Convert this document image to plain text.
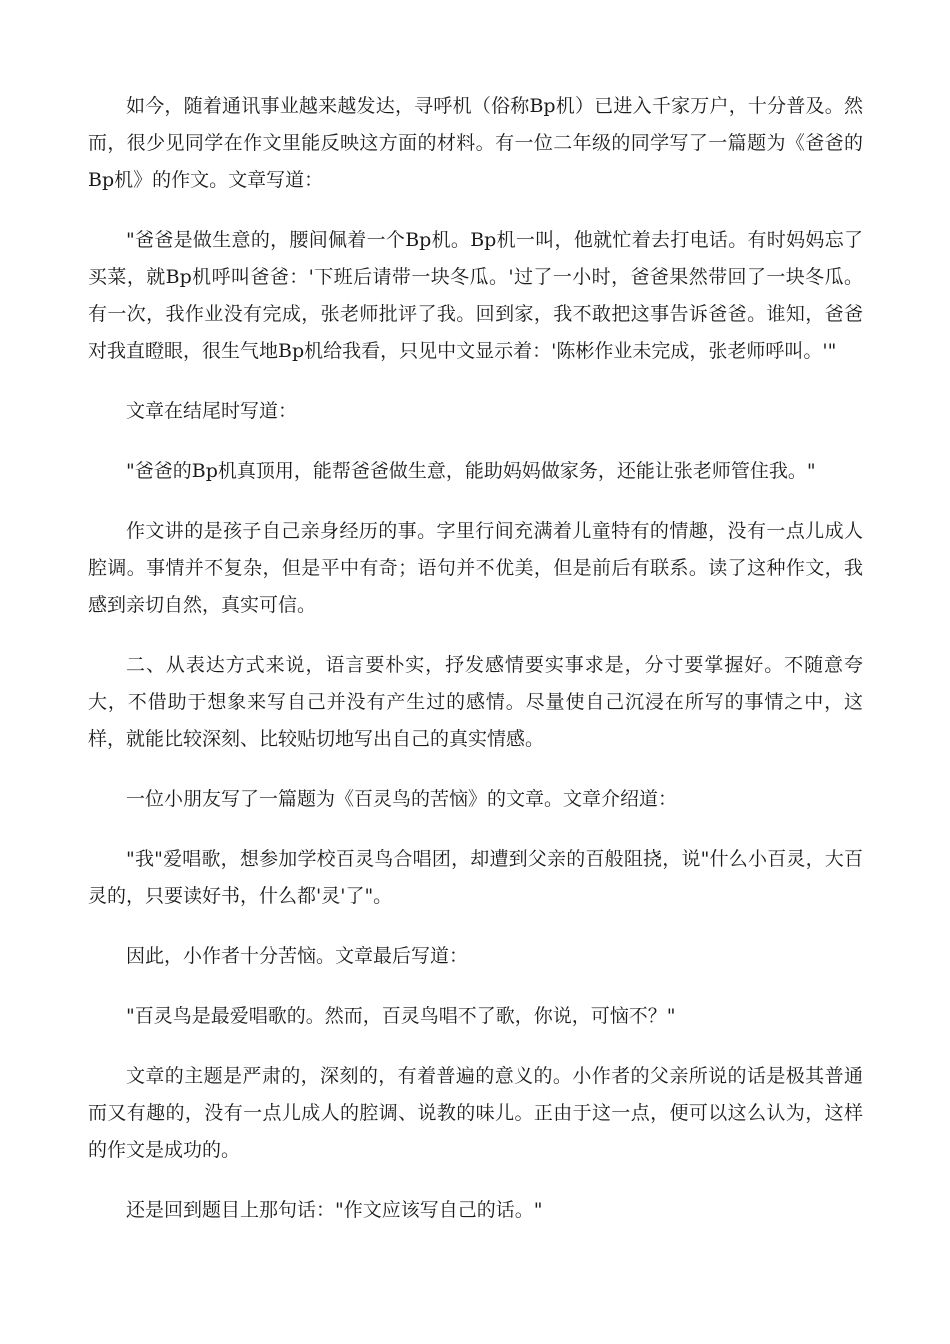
如今，随着通讯事业越来越发达，寻呼机（俗称Bp机）已进入千家万户，十分普及。然而，很少见同学在作文里能反映这方面的材料。有一位二年级的同学写了一篇题为《爸爸的Bp机》的作文。文章写道：

"爸爸是做生意的，腰间佩着一个Bp机。Bp机一叫，他就忙着去打电话。有时妈妈忘了买菜，就Bp机呼叫爸爸：'下班后请带一块冬瓜。'过了一小时，爸爸果然带回了一块冬瓜。有一次，我作业没有完成，张老师批评了我。回到家，我不敢把这事告诉爸爸。谁知，爸爸对我直瞪眼，很生气地Bp机给我看，只见中文显示着：'陈彬作业未完成，张老师呼叫。'"

文章在结尾时写道：

"爸爸的Bp机真顶用，能帮爸爸做生意，能助妈妈做家务，还能让张老师管住我。"

作文讲的是孩子自己亲身经历的事。字里行间充满着儿童特有的情趣，没有一点儿成人腔调。事情并不复杂，但是平中有奇；语句并不优美，但是前后有联系。读了这种作文，我感到亲切自然，真实可信。

二、从表达方式来说，语言要朴实，抒发感情要实事求是，分寸要掌握好。不随意夸大，不借助于想象来写自己并没有产生过的感情。尽量使自己沉浸在所写的事情之中，这样，就能比较深刻、比较贴切地写出自己的真实情感。

一位小朋友写了一篇题为《百灵鸟的苦恼》的文章。文章介绍道：

"我"爱唱歌，想参加学校百灵鸟合唱团，却遭到父亲的百般阻挠，说"什么小百灵，大百灵的，只要读好书，什么都'灵'了"。

因此，小作者十分苦恼。文章最后写道：

"百灵鸟是最爱唱歌的。然而，百灵鸟唱不了歌，你说，可恼不？"

文章的主题是严肃的，深刻的，有着普遍的意义的。小作者的父亲所说的话是极其普通而又有趣的，没有一点儿成人的腔调、说教的味儿。正由于这一点，便可以这么认为，这样的作文是成功的。

还是回到题目上那句话："作文应该写自己的话。"
